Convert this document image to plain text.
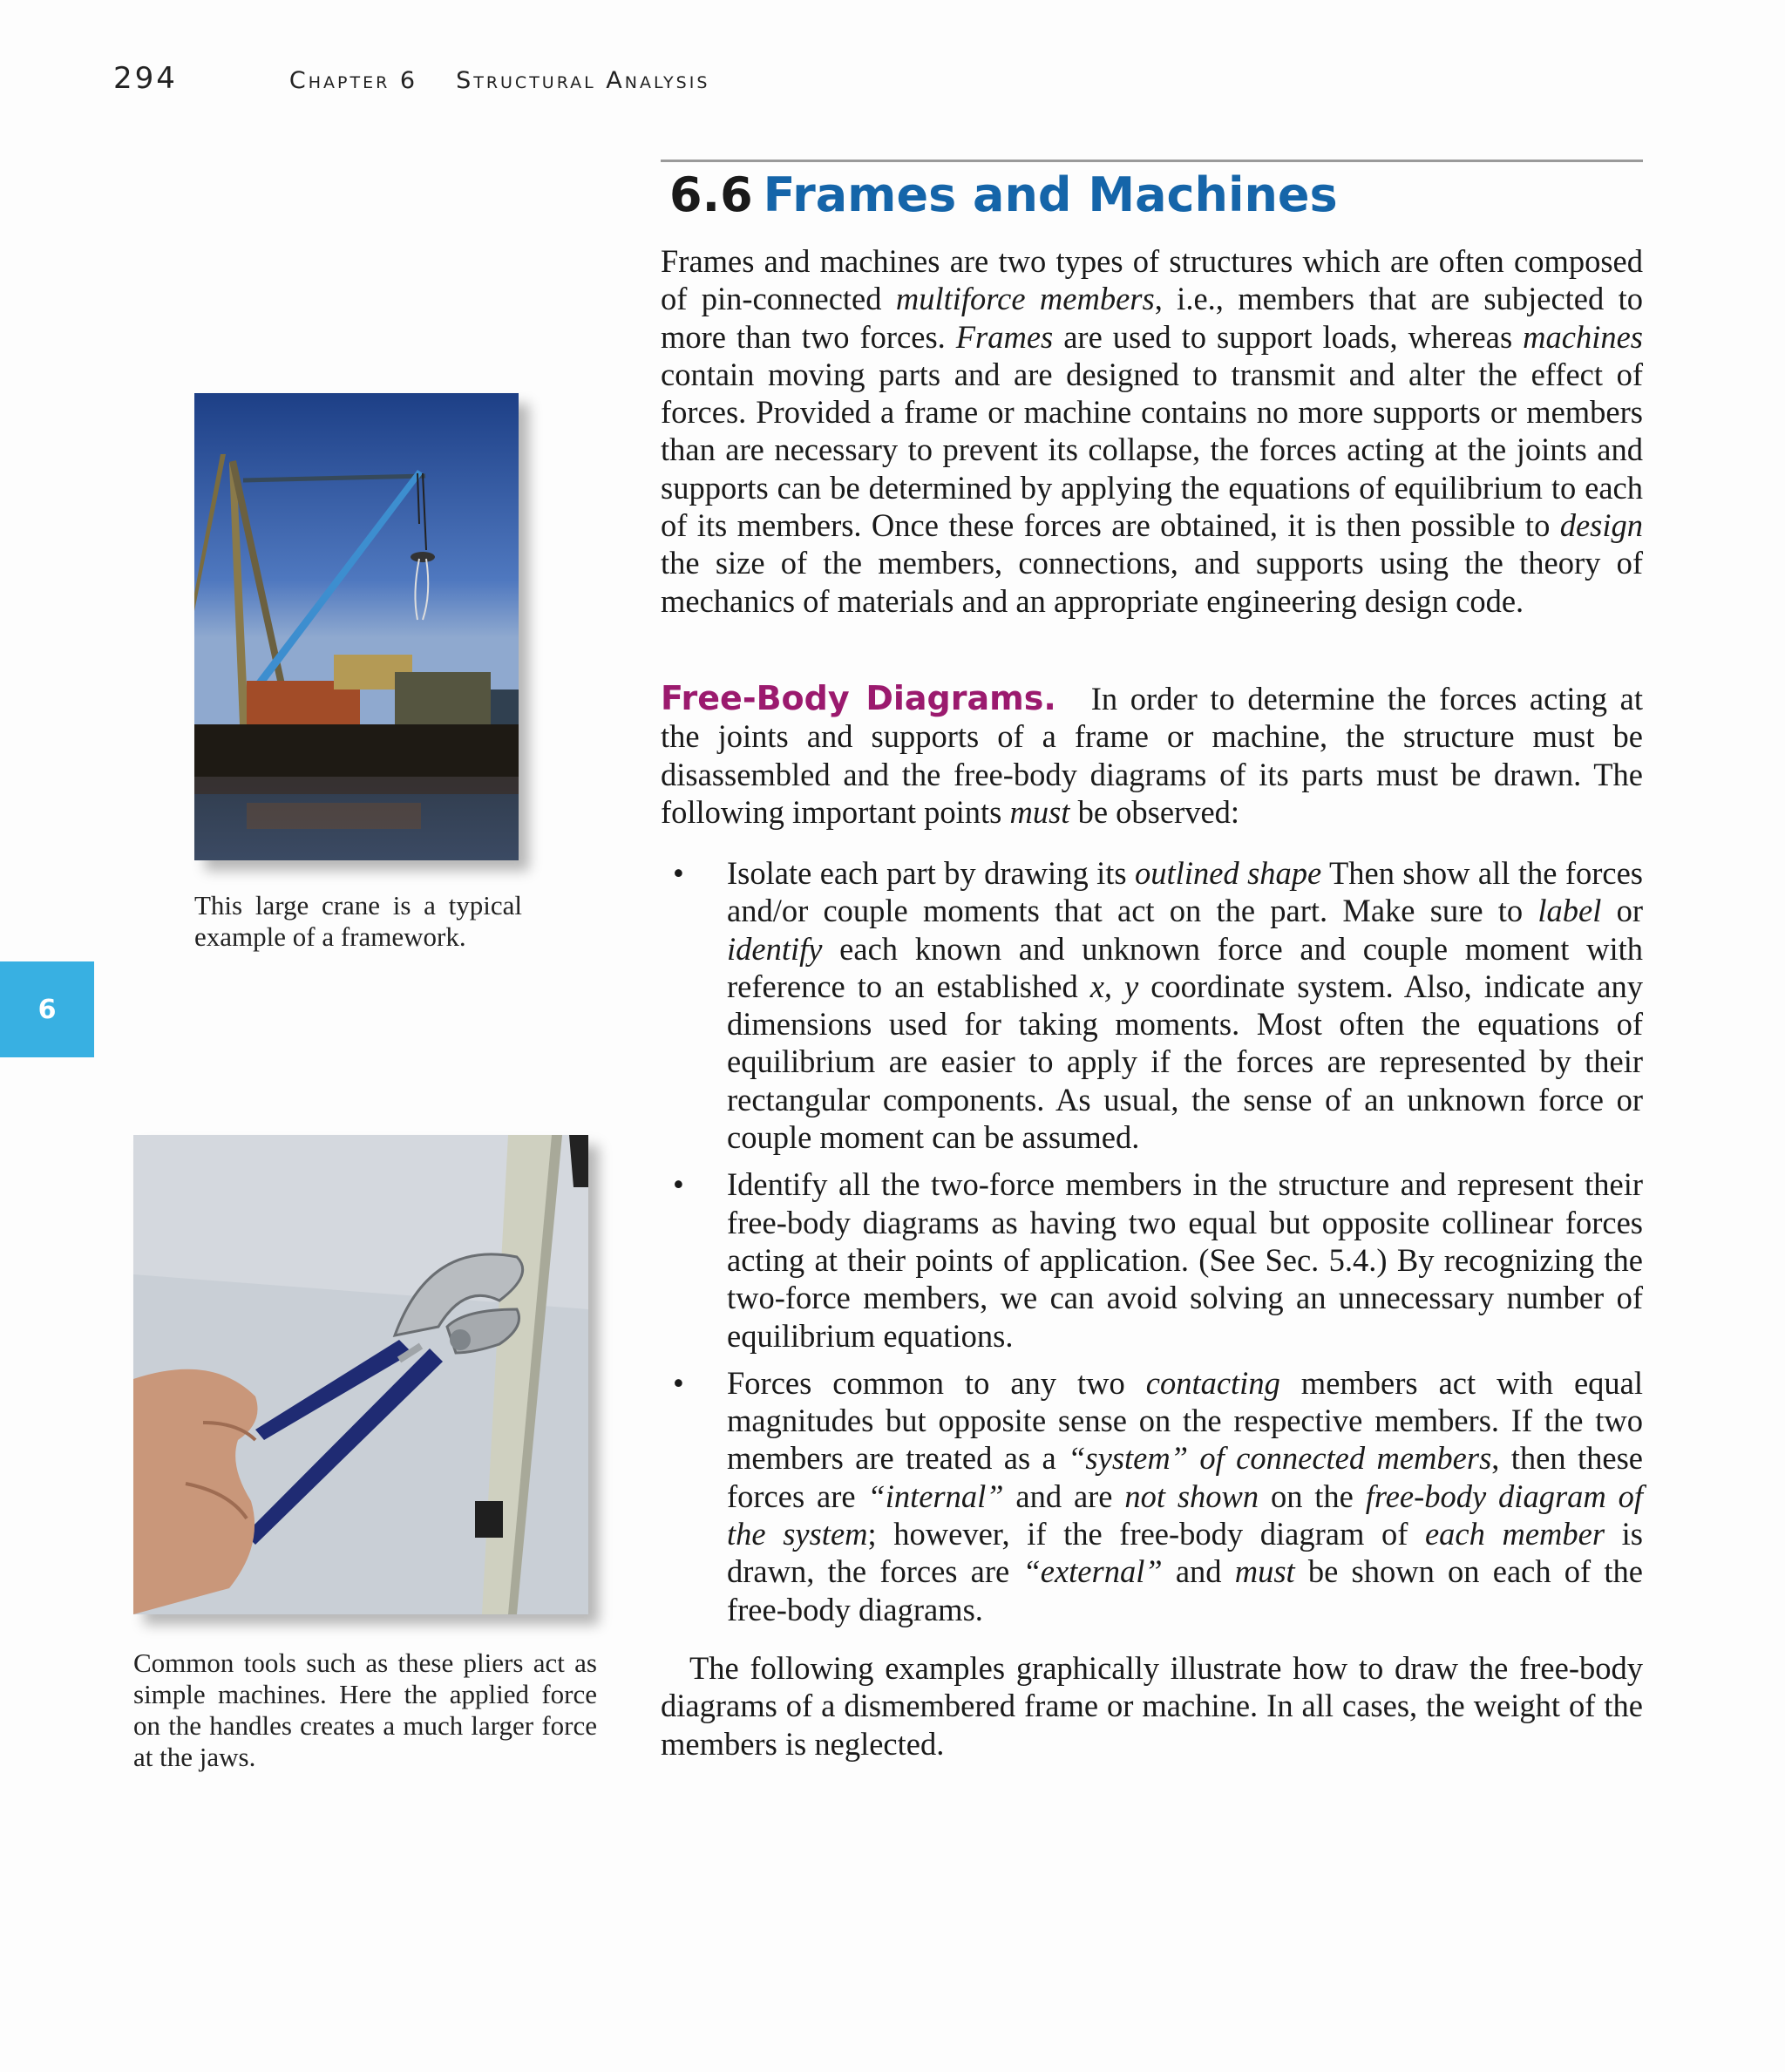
294	Chapter 6 Structural Analysis
6.6 Frames and Machines

Frames and machines are two types of structures which are often composed of pin-connected multiforce members, i.e., members that are subjected to more than two forces. Frames are used to support loads, whereas machines contain moving parts and are designed to transmit and alter the effect of forces. Provided a frame or machine contains no more supports or members than are necessary to prevent its collapse, the forces acting at the joints and supports can be determined by applying the equations of equilibrium to each of its members. Once these forces are obtained, it is then possible to design the size of the members, connections, and supports using the theory of mechanics of materials and an appropriate engineering design code.

Free-Body Diagrams. In order to determine the forces acting at the joints and supports of a frame or machine, the structure must be disassembled and the free-body diagrams of its parts must be drawn. The following important points must be observed:

•	Isolate each part by drawing its outlined shape Then show all the forces and/or couple moments that act on the part. Make sure to label or identify each known and unknown force and couple moment with reference to an established x, y coordinate system. Also, indicate any dimensions used for taking moments. Most often the equations of equilibrium are easier to apply if the forces are represented by their rectangular components. As usual, the sense of an unknown force or couple moment can be assumed.
•	Identify all the two-force members in the structure and represent their free-body diagrams as having two equal but opposite collinear forces acting at their points of application. (See Sec. 5.4.) By recognizing the two-force members, we can avoid solving an unnecessary number of equilibrium equations.
•	Forces common to any two contacting members act with equal magnitudes but opposite sense on the respective members. If the two members are treated as a “system” of connected members, then these forces are “internal” and are not shown on the free-body diagram of the system; however, if the free-body diagram of each member is drawn, the forces are “external” and must be shown on each of the free-body diagrams.

The following examples graphically illustrate how to draw the free-body diagrams of a dismembered frame or machine. In all cases, the weight of the members is neglected.

This large crane is a typical example of a framework.
6
Common tools such as these pliers act as simple machines. Here the applied force on the handles creates a much larger force at the jaws.
